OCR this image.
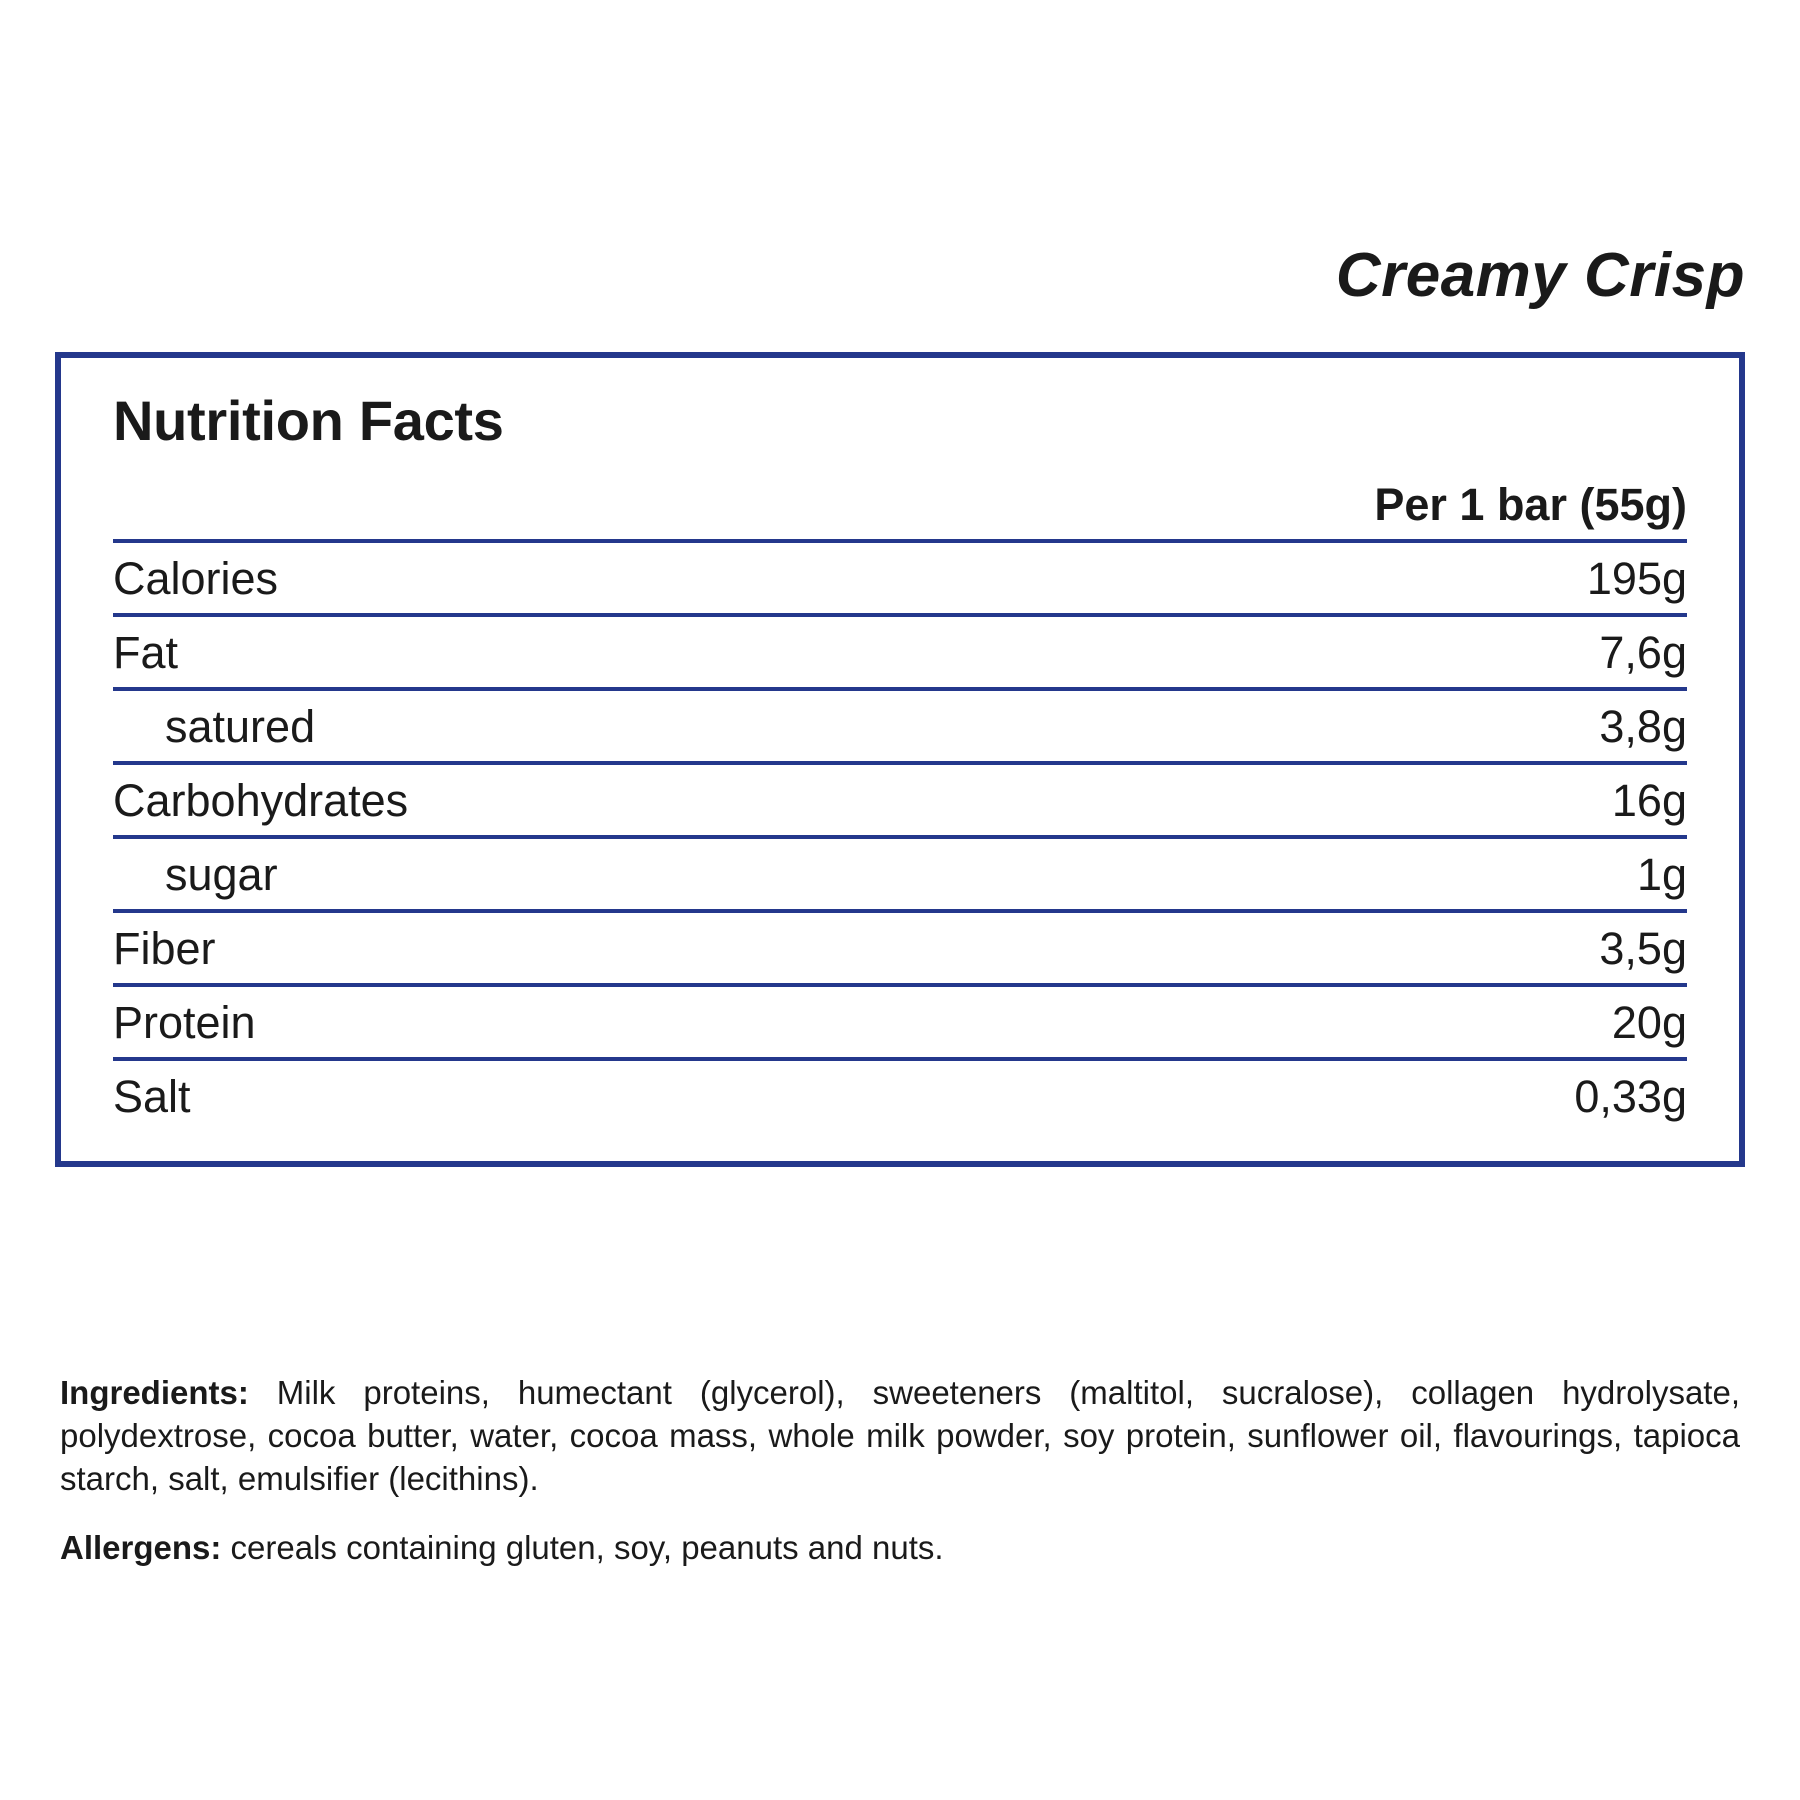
Creamy Crisp
Nutrition Facts
Per 1 bar (55g)
Calories	195g
Fat	7,6g
satured	3,8g
Carbohydrates	16g
sugar	1g
Fiber	3,5g
Protein	20g
Salt	0,33g

Ingredients: Milk proteins, humectant (glycerol), sweeteners (maltitol, sucralose), collagen hydrolysate, polydextrose, cocoa butter, water, cocoa mass, whole milk powder, soy protein, sunflower oil, flavourings, tapioca starch, salt, emulsifier (lecithins).

Allergens: cereals containing gluten, soy, peanuts and nuts.
